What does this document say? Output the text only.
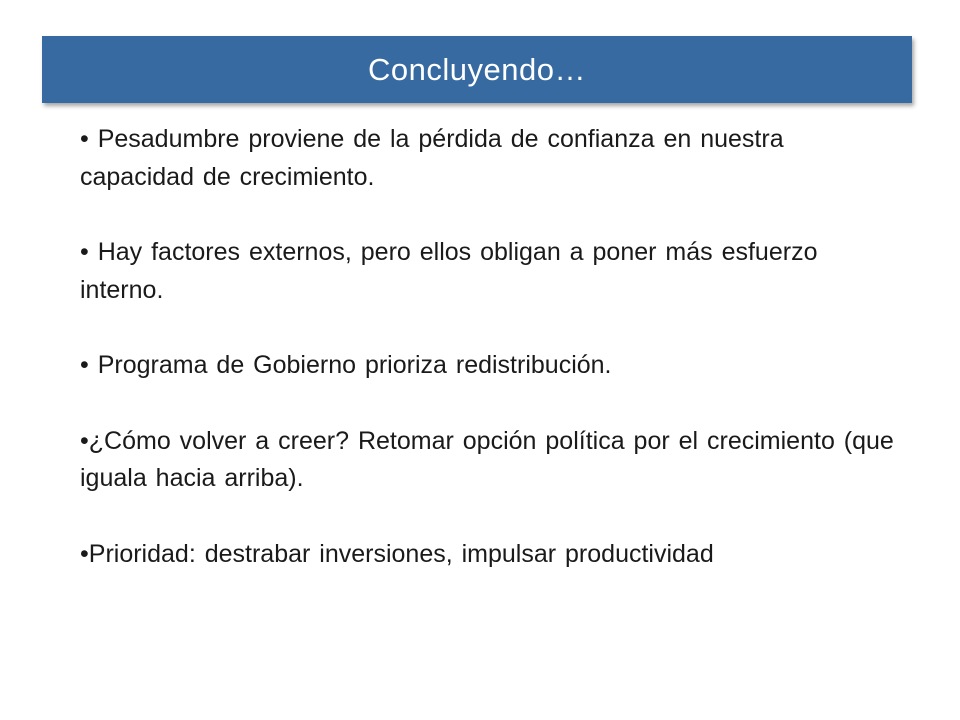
Concluyendo…
• Pesadumbre proviene de la pérdida de confianza en nuestra capacidad de crecimiento.
• Hay factores externos, pero ellos obligan a poner más esfuerzo interno.
• Programa de Gobierno prioriza redistribución.
•¿Cómo volver a creer? Retomar opción política por el crecimiento (que iguala hacia arriba).
•Prioridad: destrabar inversiones, impulsar productividad
